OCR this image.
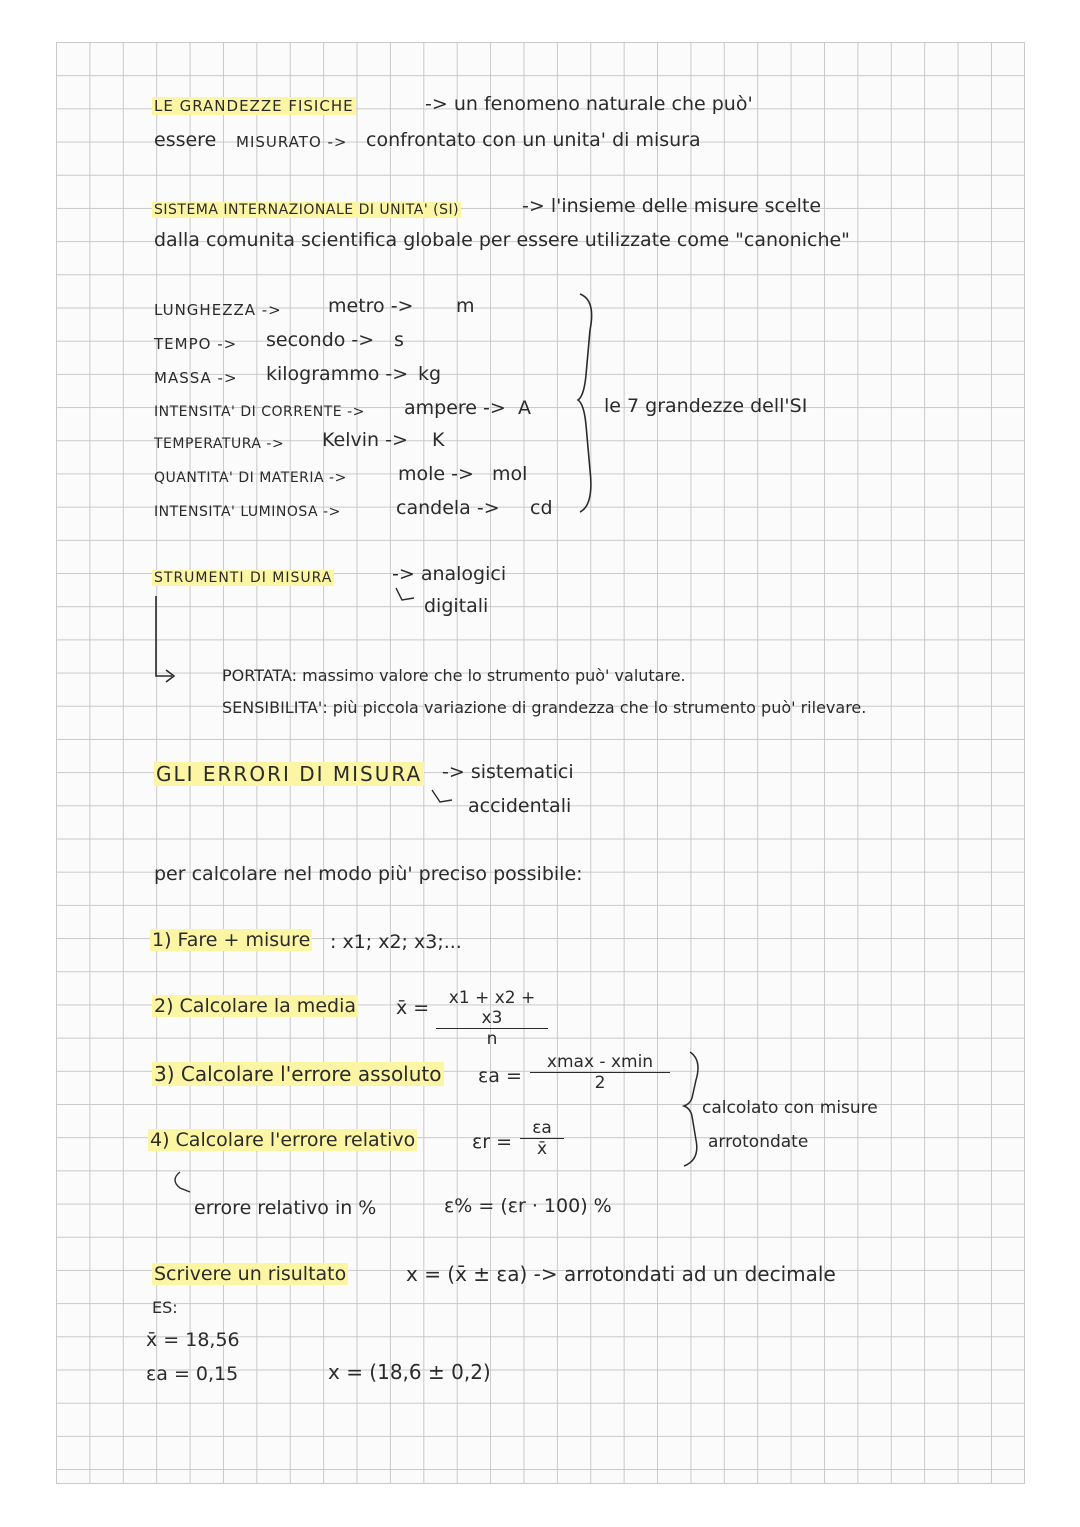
LE GRANDEZZE FISICHE	-> un fenomeno naturale che può'
essere MISURATO -> confrontato con un unita' di misura
SISTEMA INTERNAZIONALE DI UNITA' (SI)	-> l'insieme delle misure scelte
dalla comunita scientifica globale per essere utilizzate come "canoniche"
LUNGHEZZA -> metro -> m
TEMPO -> secondo -> s
MASSA -> kilogrammo -> kg
INTENSITA' DI CORRENTE -> ampere -> A
TEMPERATURA -> Kelvin -> K
QUANTITA' DI MATERIA ->	mole -> mol
INTENSITA' LUMINOSA ->	candela -> cd
le 7 grandezze dell'SI
STRUMENTI DI MISURA	-> analogici
digitali
PORTATA: massimo valore che lo strumento può' valutare.
SENSIBILITA': più piccola variazione di grandezza che lo strumento può' rilevare.
GLI ERRORI DI MISURA -> sistematici
accidentali
per calcolare nel modo più' preciso possibile:
1) Fare + misure : x1; x2; x3;...
2) Calcolare la media x̄ = $\frac{x1 + x2 + x3}{n}$
3) Calcolare l'errore assoluto εa =
xmax - xmin
2
4) Calcolare l'errore relativo	$\varepsilon r = \frac{\varepsilon a}{x̄}$
calcolato con misure
arrotondate
errore relativo in %	ε% = (εr · 100) %
Scrivere un risultato	x = (x̄ ± εa) -> arrotondati ad un decimale
ES:
x̄ = 18,56
εa = 0,15	x = (18,6 ± 0,2)
